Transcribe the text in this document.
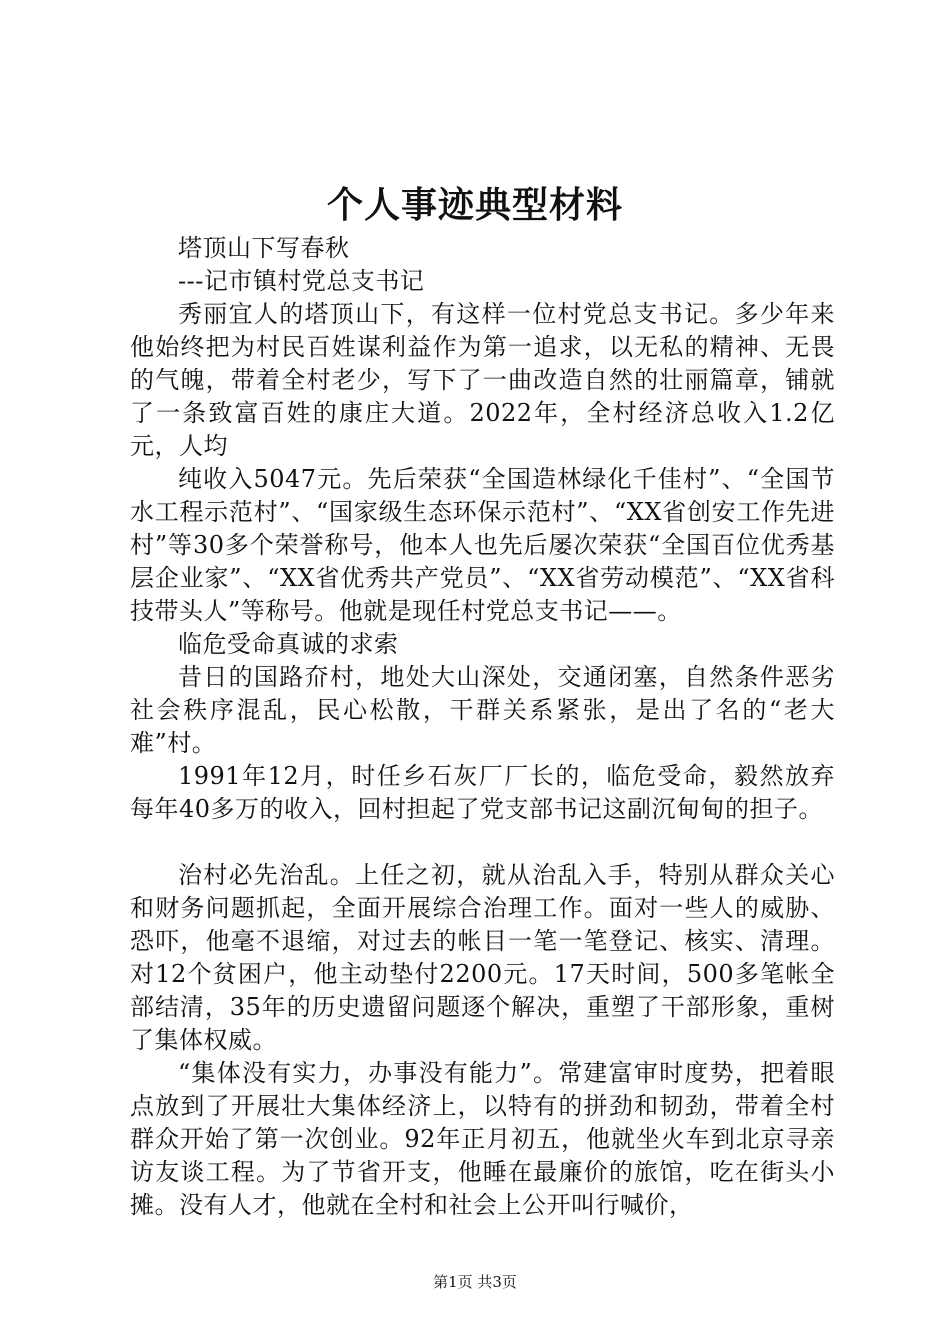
个人事迹典型材料

塔顶山下写春秋

---记市镇村党总支书记

秀丽宜人的塔顶山下，有这样一位村党总支书记。多少年来他始终把为村民百姓谋利益作为第一追求，以无私的精神、无畏的气魄，带着全村老少，写下了一曲改造自然的壮丽篇章，铺就了一条致富百姓的康庄大道。2022年，全村经济总收入1.2亿元，人均

纯收入5047元。先后荣获“全国造林绿化千佳村”、“全国节水工程示范村”、“国家级生态环保示范村”、“XX省创安工作先进村”等30多个荣誉称号，他本人也先后屡次荣获“全国百位优秀基层企业家”、“XX省优秀共产党员”、“XX省劳动模范”、“XX省科技带头人”等称号。他就是现任村党总支书记——。

临危受命真诚的求索

昔日的国路夼村，地处大山深处，交通闭塞，自然条件恶劣社会秩序混乱，民心松散，干群关系紧张，是出了名的“老大难”村。

1991年12月，时任乡石灰厂厂长的，临危受命，毅然放弃每年40多万的收入，回村担起了党支部书记这副沉甸甸的担子。

治村必先治乱。上任之初，就从治乱入手，特别从群众关心和财务问题抓起，全面开展综合治理工作。面对一些人的威胁、恐吓，他毫不退缩，对过去的帐目一笔一笔登记、核实、清理。对12个贫困户，他主动垫付2200元。17天时间，500多笔帐全部结清，35年的历史遗留问题逐个解决，重塑了干部形象，重树了集体权威。

“集体没有实力，办事没有能力”。常建富审时度势，把着眼点放到了开展壮大集体经济上，以特有的拼劲和韧劲，带着全村群众开始了第一次创业。92年正月初五，他就坐火车到北京寻亲访友谈工程。为了节省开支，他睡在最廉价的旅馆，吃在街头小摊。没有人才，他就在全村和社会上公开叫行喊价，

第1页 共3页
